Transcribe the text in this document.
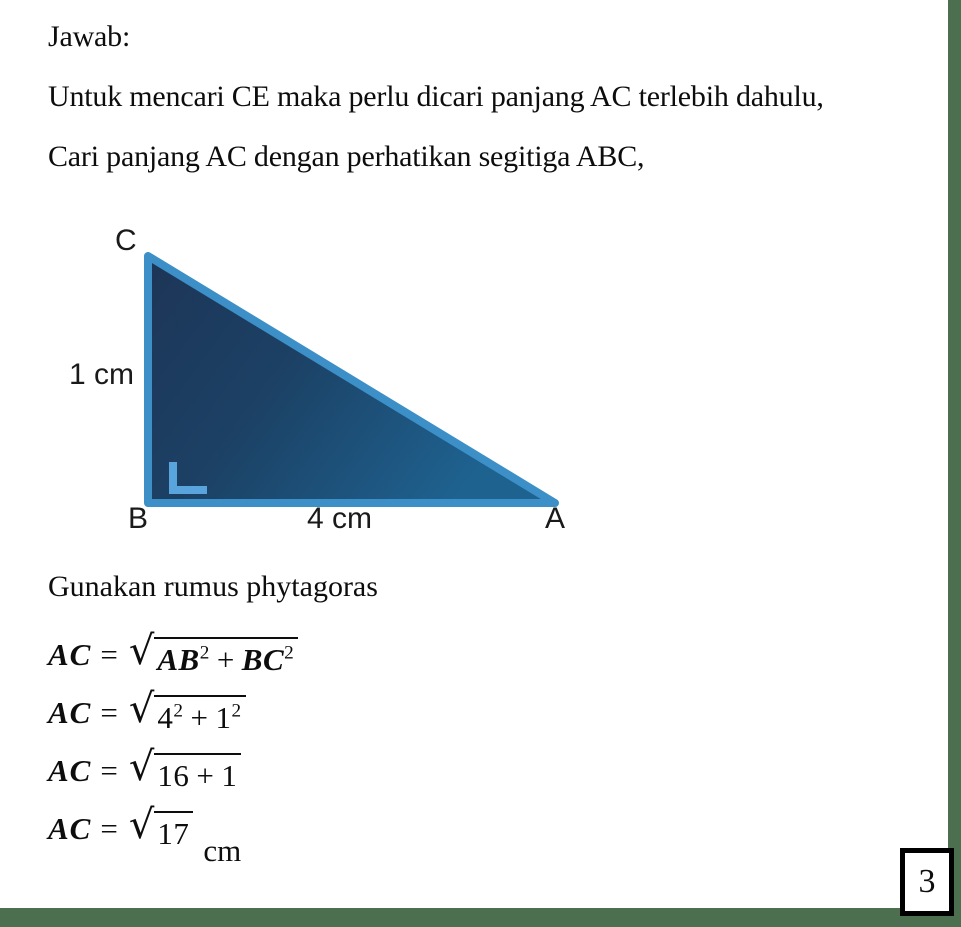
Jawab:

Untuk mencari CE maka perlu dicari panjang AC terlebih dahulu,

Cari panjang AC dengan perhatikan segitiga ABC,

C
B	A
1 cm
4 cm
Gunakan rumus phytagoras
AC = √ $AB^2 + BC^2$
AC = √ $4^2 + 1^2$
AC = √ 16 + 1
AC = √ 17 cm
3
